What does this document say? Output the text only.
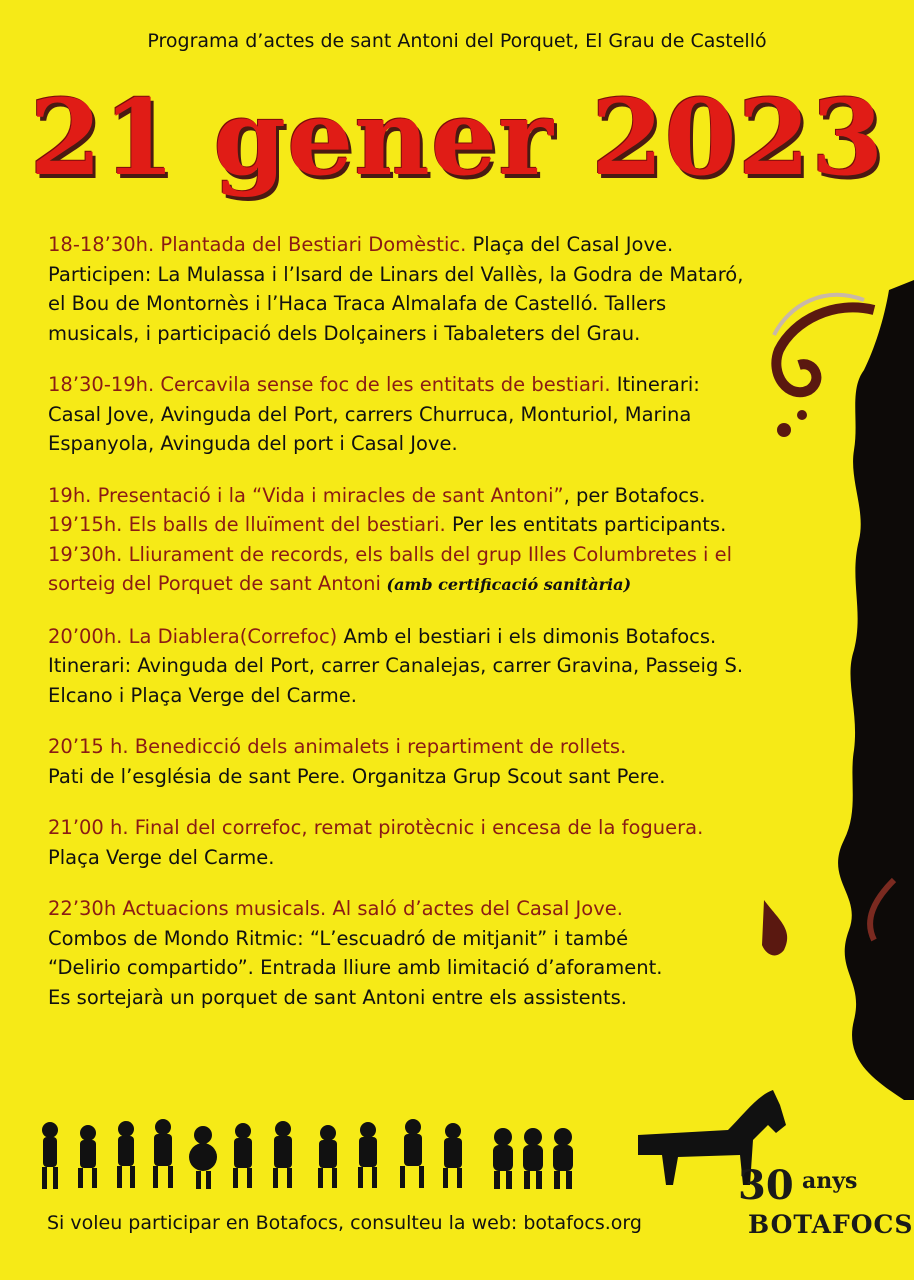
Programa d’actes de sant Antoni del Porquet, El Grau de Castelló
21 gener 2023

18-18’30h. Plantada del Bestiari Domèstic. Plaça del Casal Jove.

Participen: La Mulassa i l’Isard de Linars del Vallès, la Godra de Mataró,

el Bou de Montornès i l’Haca Traca Almalafa de Castelló. Tallers

musicals, i participació dels Dolçainers i Tabaleters del Grau.

18’30-19h. Cercavila sense foc de les entitats de bestiari. Itinerari:

Casal Jove, Avinguda del Port, carrers Churruca, Monturiol, Marina

Espanyola, Avinguda del port i Casal Jove.

19h. Presentació i la “Vida i miracles de sant Antoni”, per Botafocs.

19’15h. Els balls de lluïment del bestiari. Per les entitats participants.

19’30h. Lliurament de records, els balls del grup Illes Columbretes i el

sorteig del Porquet de sant Antoni (amb certificació sanitària)

20’00h. La Diablera(Correfoc) Amb el bestiari i els dimonis Botafocs.

Itinerari: Avinguda del Port, carrer Canalejas, carrer Gravina, Passeig S.

Elcano i Plaça Verge del Carme.

20’15 h. Benedicció dels animalets i repartiment de rollets.

Pati de l’església de sant Pere. Organitza Grup Scout sant Pere.

21’00 h. Final del correfoc, remat pirotècnic i encesa de la foguera.

Plaça Verge del Carme.

22’30h Actuacions musicals. Al saló d’actes del Casal Jove.

Combos de Mondo Ritmic: “L’escuadró de mitjanit” i també

“Delirio compartido”. Entrada lliure amb limitació d’aforament.

Es sortejarà un porquet de sant Antoni entre els assistents.

Si voleu participar en Botafocs, consulteu la web: botafocs.org
30 anys
BOTAFOCS
